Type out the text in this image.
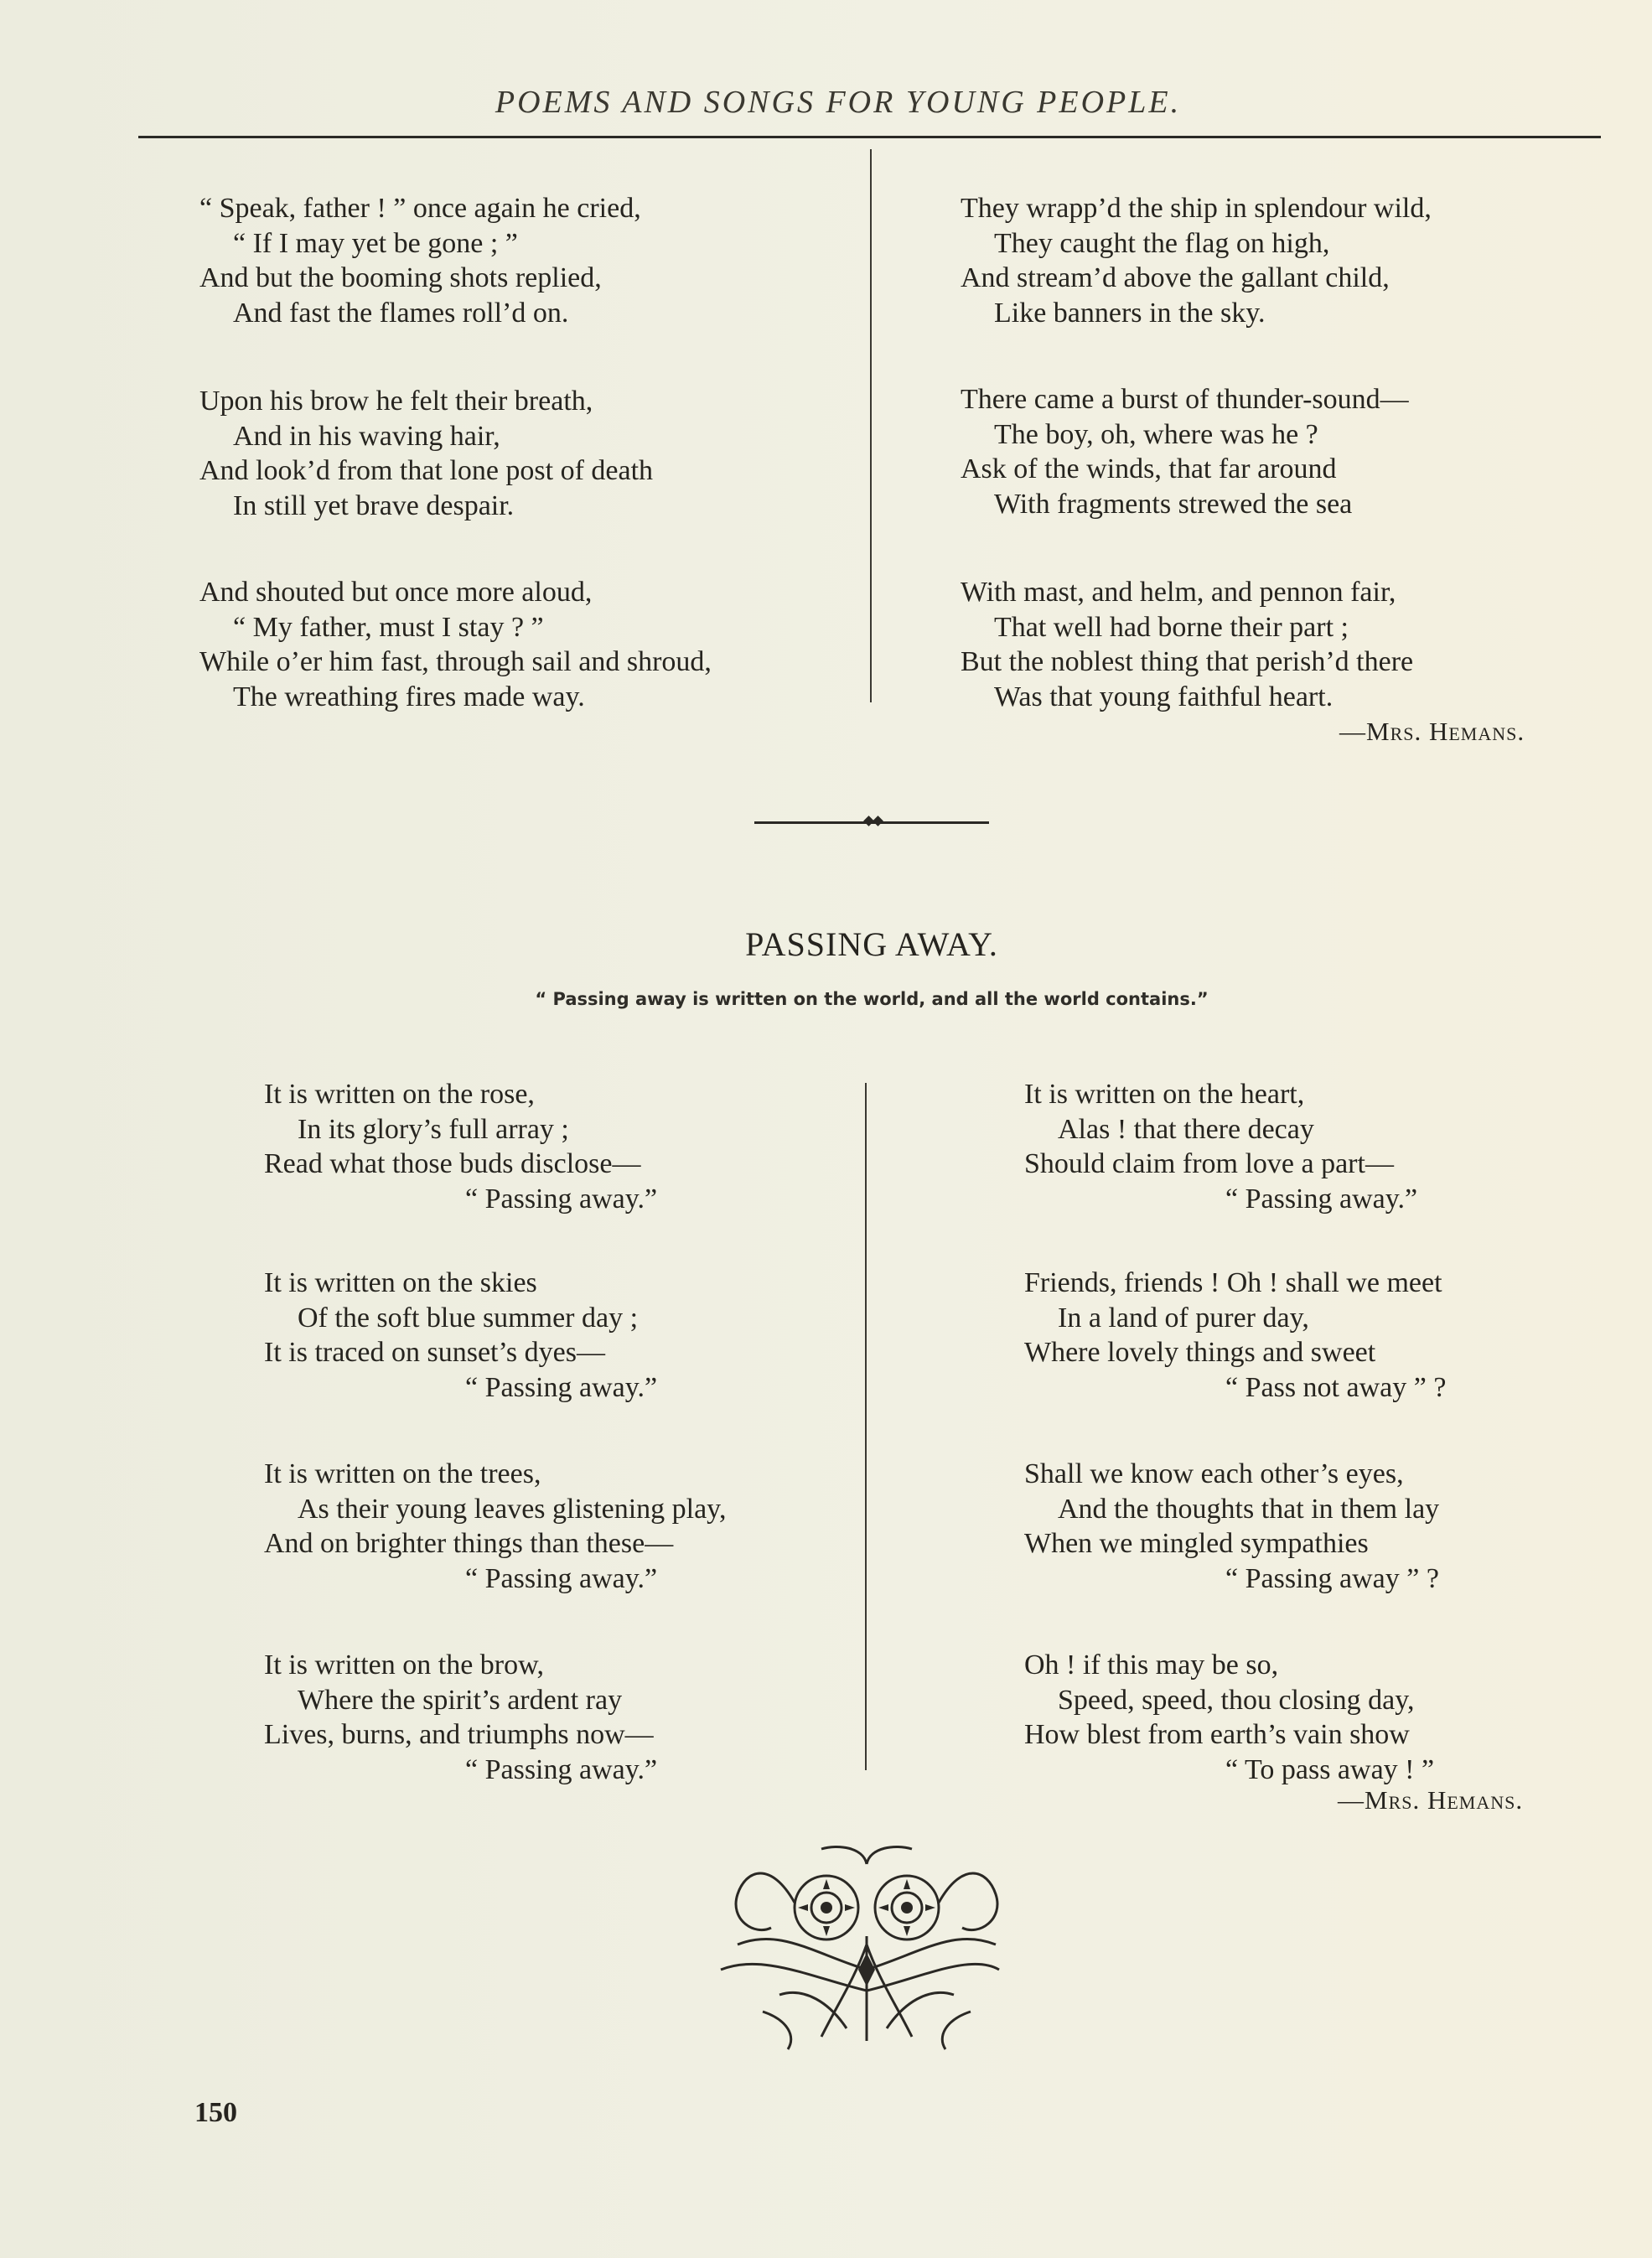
POEMS AND SONGS FOR YOUNG PEOPLE.
“ Speak, father ! ” once again he cried,
“ If I may yet be gone ; ”
And but the booming shots replied,
And fast the flames roll’d on.
Upon his brow he felt their breath,
And in his waving hair,
And look’d from that lone post of death
In still yet brave despair.
And shouted but once more aloud,
“ My father, must I stay ? ”
While o’er him fast, through sail and shroud,
The wreathing fires made way.
They wrapp’d the ship in splendour wild,
They caught the flag on high,
And stream’d above the gallant child,
Like banners in the sky.
There came a burst of thunder-sound—
The boy, oh, where was he ?
Ask of the winds, that far around
With fragments strewed the sea
With mast, and helm, and pennon fair,
That well had borne their part ;
But the noblest thing that perish’d there
Was that young faithful heart.
—Mrs. Hemans.
PASSING AWAY.
“ Passing away is written on the world, and all the world contains.”
It is written on the rose,
In its glory’s full array ;
Read what those buds disclose—
“ Passing away.”
It is written on the skies
Of the soft blue summer day ;
It is traced on sunset’s dyes—
“ Passing away.”
It is written on the trees,
As their young leaves glistening play,
And on brighter things than these—
“ Passing away.”
It is written on the brow,
Where the spirit’s ardent ray
Lives, burns, and triumphs now—
“ Passing away.”
It is written on the heart,
Alas ! that there decay
Should claim from love a part—
“ Passing away.”
Friends, friends ! Oh ! shall we meet
In a land of purer day,
Where lovely things and sweet
“ Pass not away ” ?
Shall we know each other’s eyes,
And the thoughts that in them lay
When we mingled sympathies
“ Passing away ” ?
Oh ! if this may be so,
Speed, speed, thou closing day,
How blest from earth’s vain show
“ To pass away ! ”
—Mrs. Hemans.
150
